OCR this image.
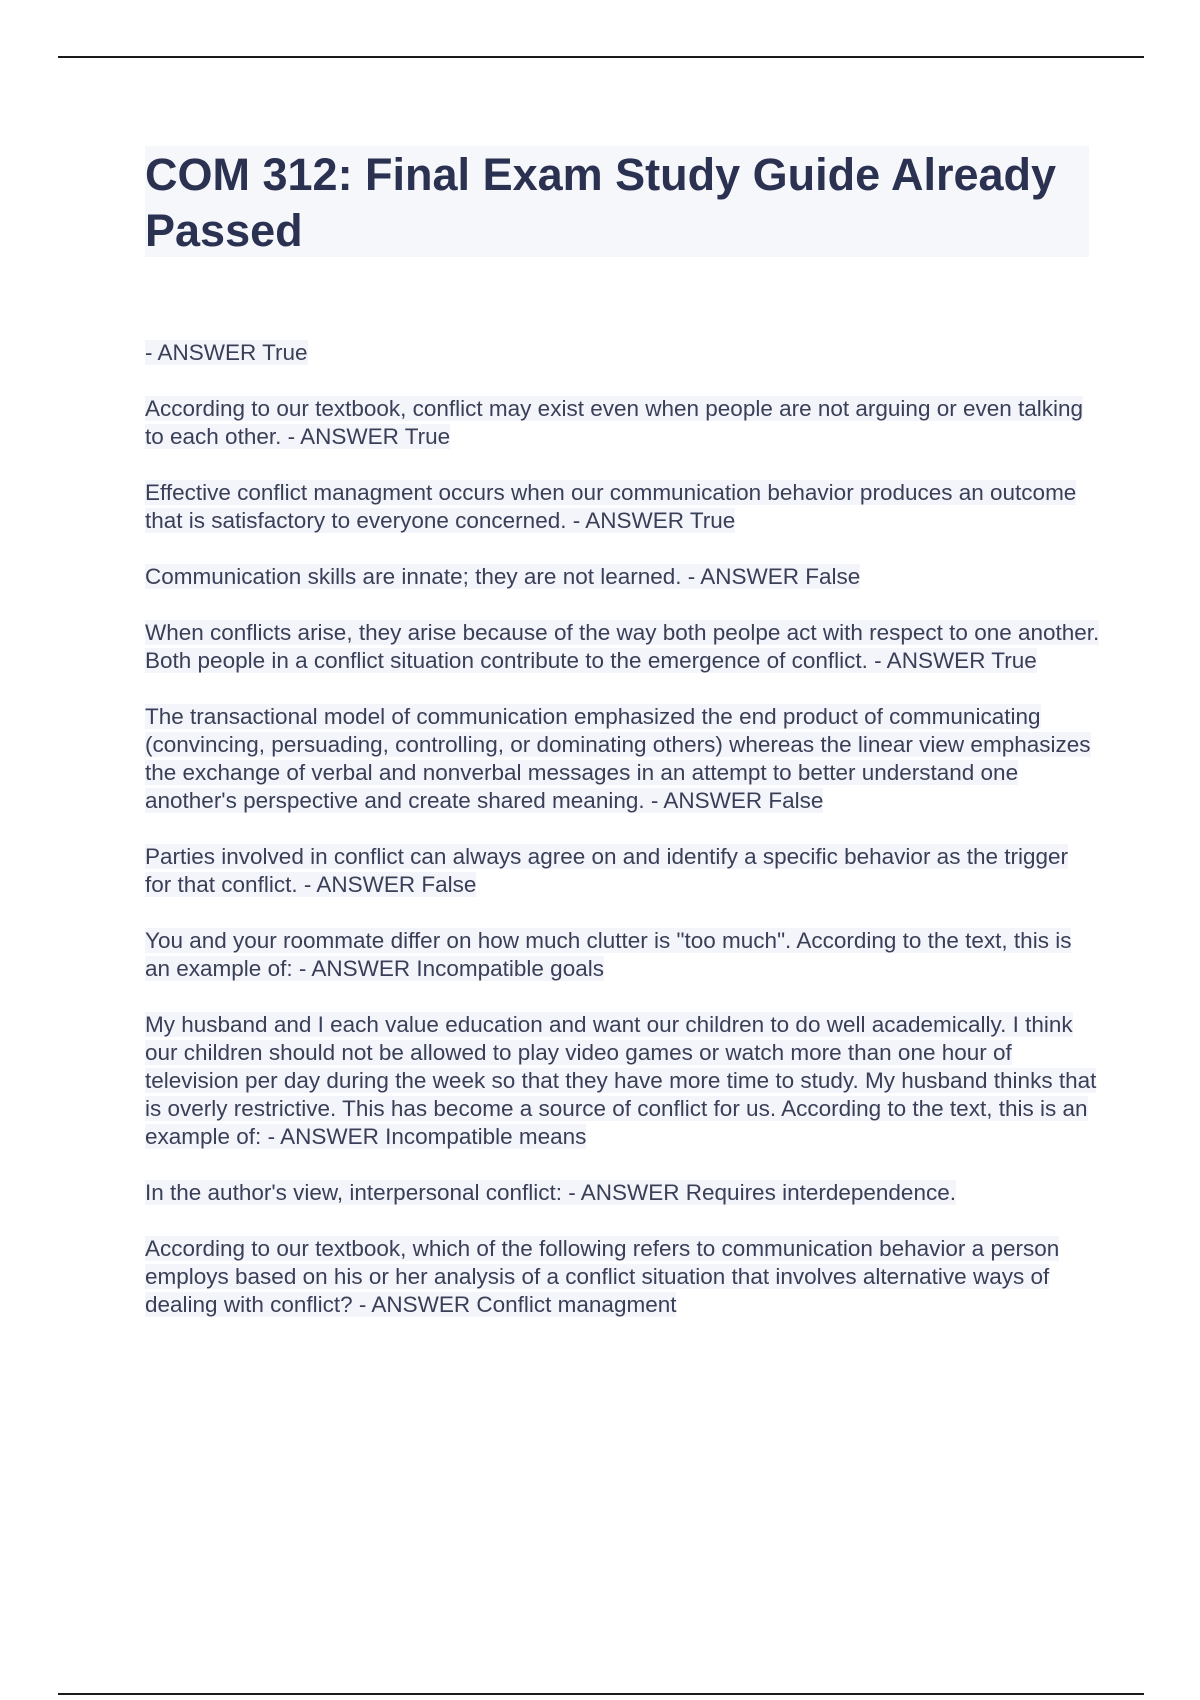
COM 312: Final Exam Study Guide Already Passed

- ANSWER True

According to our textbook, conflict may exist even when people are not arguing or even talking to each other. - ANSWER True

Effective conflict managment occurs when our communication behavior produces an outcome that is satisfactory to everyone concerned. - ANSWER True

Communication skills are innate; they are not learned. - ANSWER False

When conflicts arise, they arise because of the way both peolpe act with respect to one another. Both people in a conflict situation contribute to the emergence of conflict. - ANSWER True

The transactional model of communication emphasized the end product of communicating (convincing, persuading, controlling, or dominating others) whereas the linear view emphasizes the exchange of verbal and nonverbal messages in an attempt to better understand one another's perspective and create shared meaning. - ANSWER False

Parties involved in conflict can always agree on and identify a specific behavior as the trigger for that conflict. - ANSWER False

You and your roommate differ on how much clutter is "too much". According to the text, this is an example of: - ANSWER Incompatible goals

My husband and I each value education and want our children to do well academically. I think our children should not be allowed to play video games or watch more than one hour of television per day during the week so that they have more time to study. My husband thinks that is overly restrictive. This has become a source of conflict for us. According to the text, this is an example of: - ANSWER Incompatible means

In the author's view, interpersonal conflict: - ANSWER Requires interdependence.

According to our textbook, which of the following refers to communication behavior a person employs based on his or her analysis of a conflict situation that involves alternative ways of dealing with conflict? - ANSWER Conflict managment
